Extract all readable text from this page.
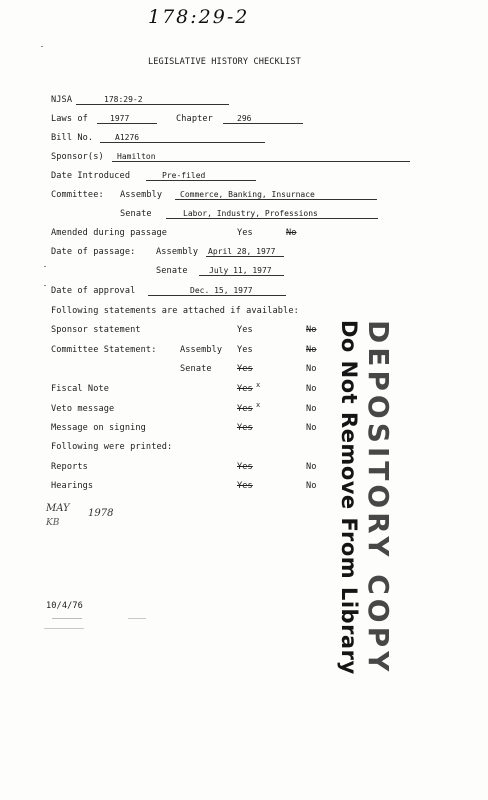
178:29-2
LEGISLATIVE HISTORY CHECKLIST
NJSA	178:29-2
Laws of	1977	Chapter	296
Bill No.	A1276
Sponsor(s) Hamilton
Date Introduced	Pre-filed
Committee: Assembly Commerce, Banking, Insurnace
Senate	Labor, Industry, Professions
Amended during passage	Yes	No
Date of passage: Assembly April 28, 1977
Senate	July 11, 1977
Date of approval	Dec. 15, 1977
Following statements are attached if available:
Sponsor statement	Yes	No
Committee Statement:	Assembly Yes	No
Senate	Yes	No
Fiscal Note	Yes x	No
Veto message	Yes x	No
Message on signing	Yes	No
Following were printed:
Reports	Yes	No
Hearings	Yes	No
MAY 1978
KB
10/4/76	DEPOSITORY COPY
Do Not Remove From Library
